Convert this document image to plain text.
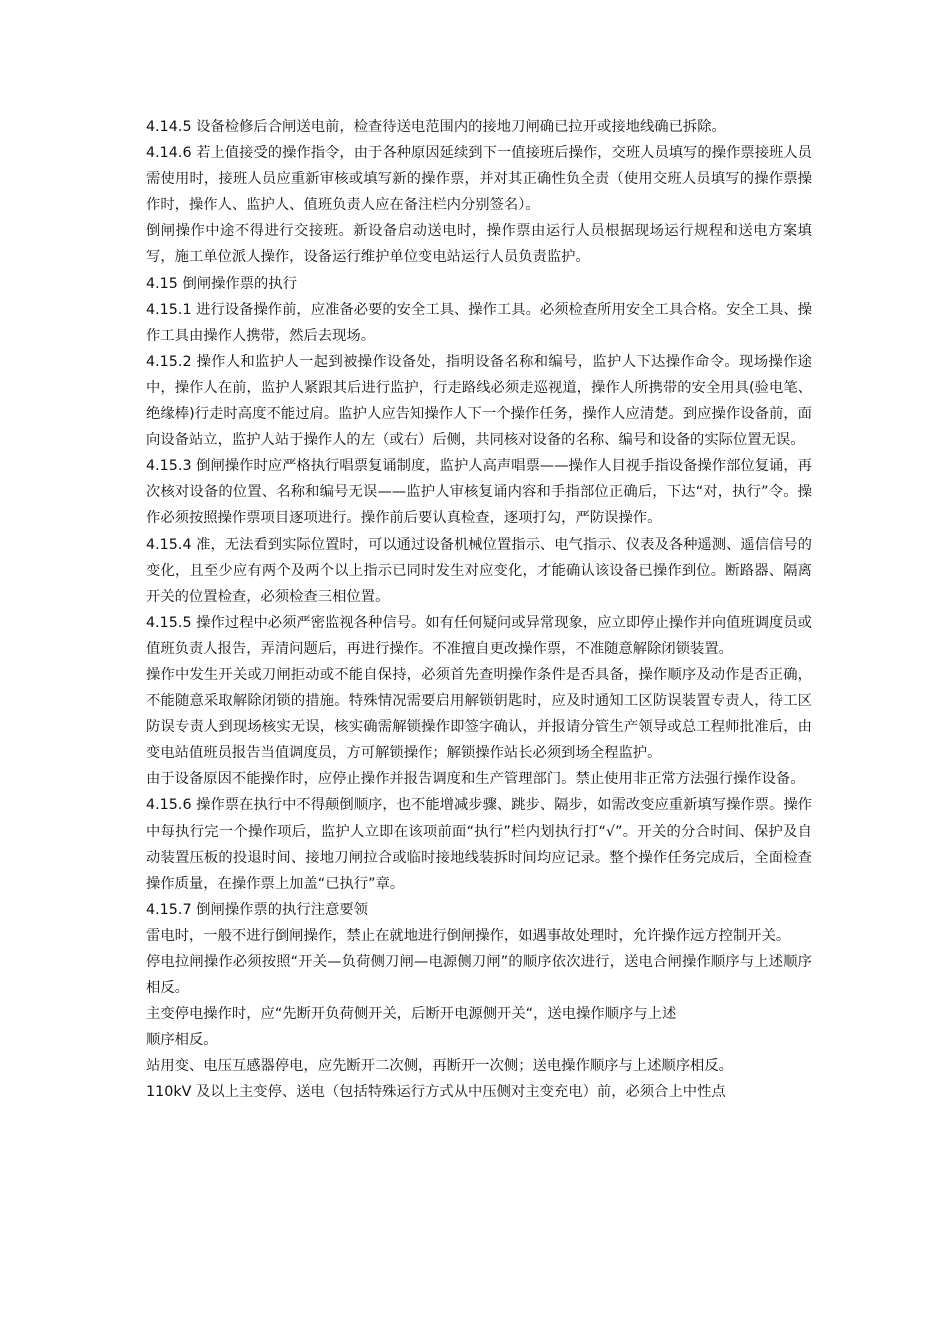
4.14.5 设备检修后合闸送电前，检查待送电范围内的接地刀闸确已拉开或接地线确已拆除。

4.14.6 若上值接受的操作指令，由于各种原因延续到下一值接班后操作，交班人员填写的操作票接班人员需使用时，接班人员应重新审核或填写新的操作票，并对其正确性负全责（使用交班人员填写的操作票操作时，操作人、监护人、值班负责人应在备注栏内分别签名）。

倒闸操作中途不得进行交接班。新设备启动送电时，操作票由运行人员根据现场运行规程和送电方案填写，施工单位派人操作，设备运行维护单位变电站运行人员负责监护。

4.15 倒闸操作票的执行

4.15.1 进行设备操作前，应准备必要的安全工具、操作工具。必须检查所用安全工具合格。安全工具、操作工具由操作人携带，然后去现场。

4.15.2 操作人和监护人一起到被操作设备处，指明设备名称和编号，监护人下达操作命令。现场操作途中，操作人在前，监护人紧跟其后进行监护，行走路线必须走巡视道，操作人所携带的安全用具(验电笔、绝缘棒)行走时高度不能过肩。监护人应告知操作人下一个操作任务，操作人应清楚。到应操作设备前，面向设备站立，监护人站于操作人的左（或右）后侧，共同核对设备的名称、编号和设备的实际位置无误。

4.15.3 倒闸操作时应严格执行唱票复诵制度，监护人高声唱票——操作人目视手指设备操作部位复诵，再次核对设备的位置、名称和编号无误——监护人审核复诵内容和手指部位正确后，下达“对，执行”令。操作必须按照操作票项目逐项进行。操作前后要认真检查，逐项打勾，严防误操作。

4.15.4 准，无法看到实际位置时，可以通过设备机械位置指示、电气指示、仪表及各种遥测、遥信信号的变化，且至少应有两个及两个以上指示已同时发生对应变化，才能确认该设备已操作到位。断路器、隔离开关的位置检查，必须检查三相位置。

4.15.5 操作过程中必须严密监视各种信号。如有任何疑问或异常现象，应立即停止操作并向值班调度员或值班负责人报告，弄清问题后，再进行操作。不准擅自更改操作票，不准随意解除闭锁装置。

操作中发生开关或刀闸拒动或不能自保持，必须首先查明操作条件是否具备，操作顺序及动作是否正确，不能随意采取解除闭锁的措施。特殊情况需要启用解锁钥匙时，应及时通知工区防误装置专责人，待工区防误专责人到现场核实无误，核实确需解锁操作即签字确认，并报请分管生产领导或总工程师批准后，由变电站值班员报告当值调度员，方可解锁操作；解锁操作站长必须到场全程监护。

由于设备原因不能操作时，应停止操作并报告调度和生产管理部门。禁止使用非正常方法强行操作设备。

4.15.6 操作票在执行中不得颠倒顺序，也不能增减步骤、跳步、隔步，如需改变应重新填写操作票。操作中每执行完一个操作项后，监护人立即在该项前面“执行”栏内划执行打“√”。开关的分合时间、保护及自动装置压板的投退时间、接地刀闸拉合或临时接地线装拆时间均应记录。整个操作任务完成后，全面检查操作质量，在操作票上加盖“已执行”章。

4.15.7 倒闸操作票的执行注意要领

雷电时，一般不进行倒闸操作，禁止在就地进行倒闸操作，如遇事故处理时，允许操作远方控制开关。

停电拉闸操作必须按照“开关—负荷侧刀闸—电源侧刀闸”的顺序依次进行，送电合闸操作顺序与上述顺序相反。

主变停电操作时，应“先断开负荷侧开关，后断开电源侧开关“，送电操作顺序与上述

顺序相反。

站用变、电压互感器停电，应先断开二次侧，再断开一次侧；送电操作顺序与上述顺序相反。

110kV 及以上主变停、送电（包括特殊运行方式从中压侧对主变充电）前，必须合上中性点
